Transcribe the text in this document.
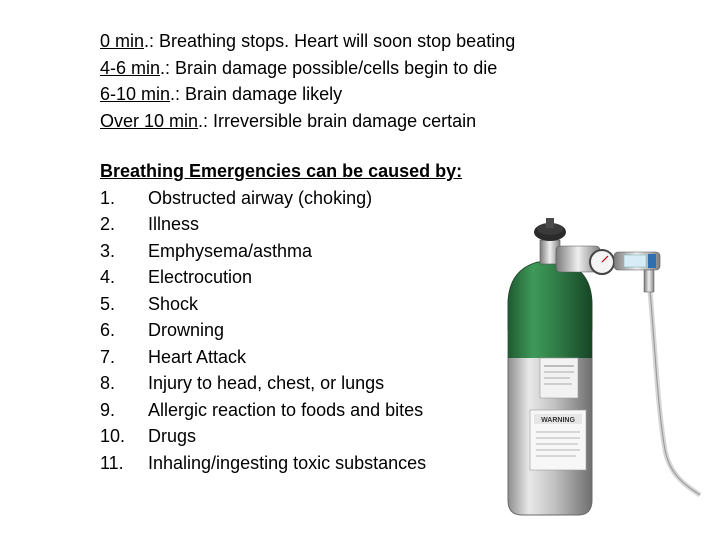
0 min.: Breathing stops. Heart will soon stop beating
4-6 min.: Brain damage possible/cells begin to die
6-10 min.: Brain damage likely
Over 10 min.: Irreversible brain damage certain
Breathing Emergencies can be caused by:
1.	Obstructed airway (choking)
2.	Illness
3.	Emphysema/asthma
4.	Electrocution
5.	Shock
6.	Drowning
7.	Heart Attack
8.	Injury to head, chest, or lungs
9.	Allergic reaction to foods and bites
10.	Drugs
11.	Inhaling/ingesting toxic substances
WARNING
